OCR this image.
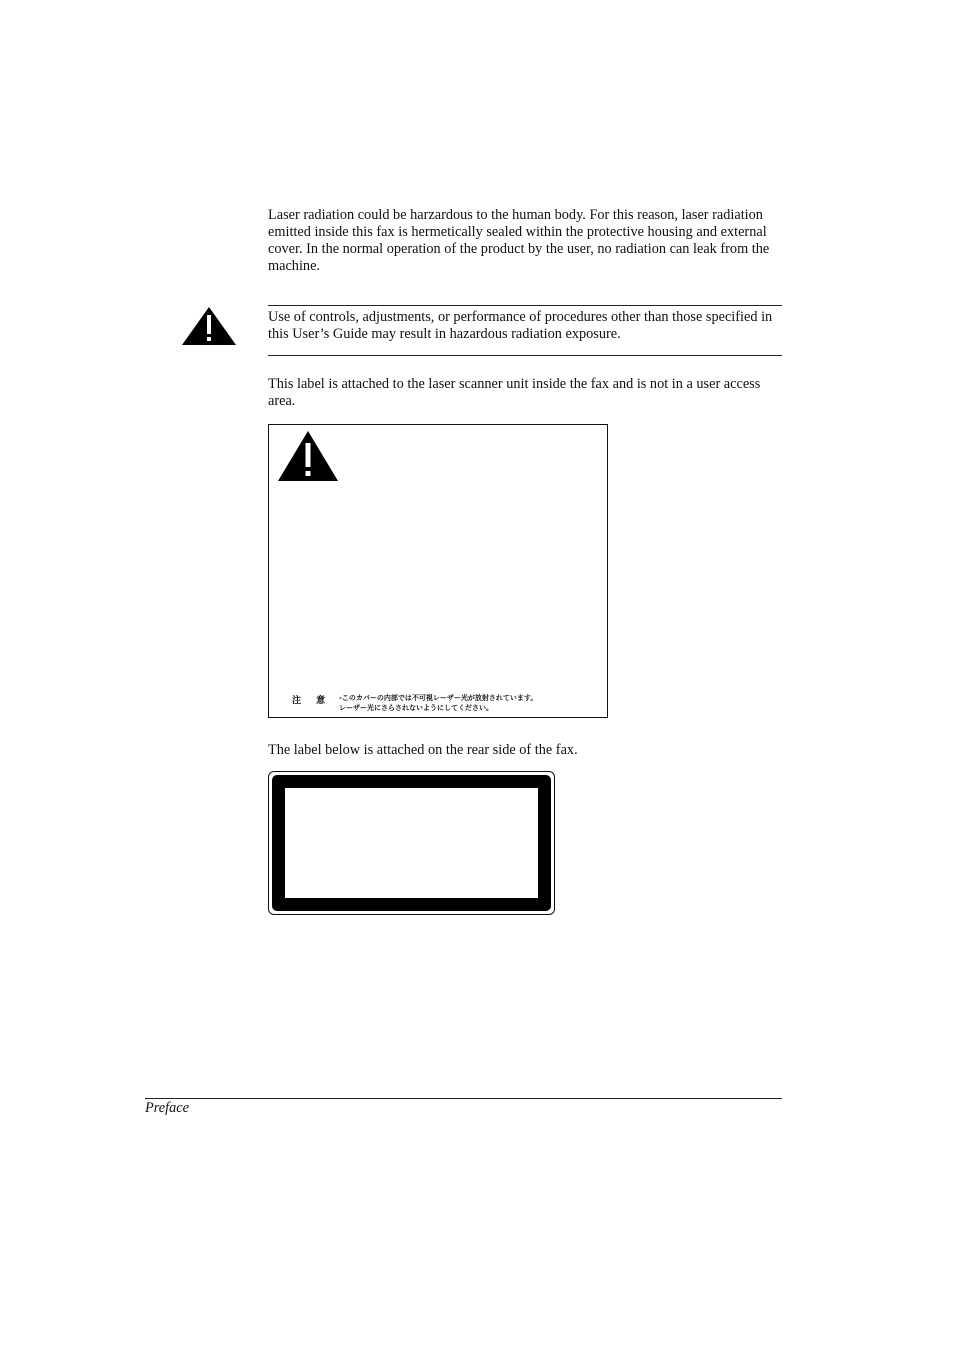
Laser radiation could be harzardous to the human body. For this reason, laser radiation emitted inside this fax is hermetically sealed within the protective housing and external cover. In the normal operation of the product by the user, no radiation can leak from the machine.

Use of controls, adjustments, or performance of procedures other than those specified in this User’s Guide may result in hazardous radiation exposure.

This label is attached to the laser scanner unit inside the fax and is not in a user access area.

注 意 -このカバーの内部では不可視レーザー光が放射されています。
レーザー光にさらされないようにしてください。

The label below is attached on the rear side of the fax.

Preface
